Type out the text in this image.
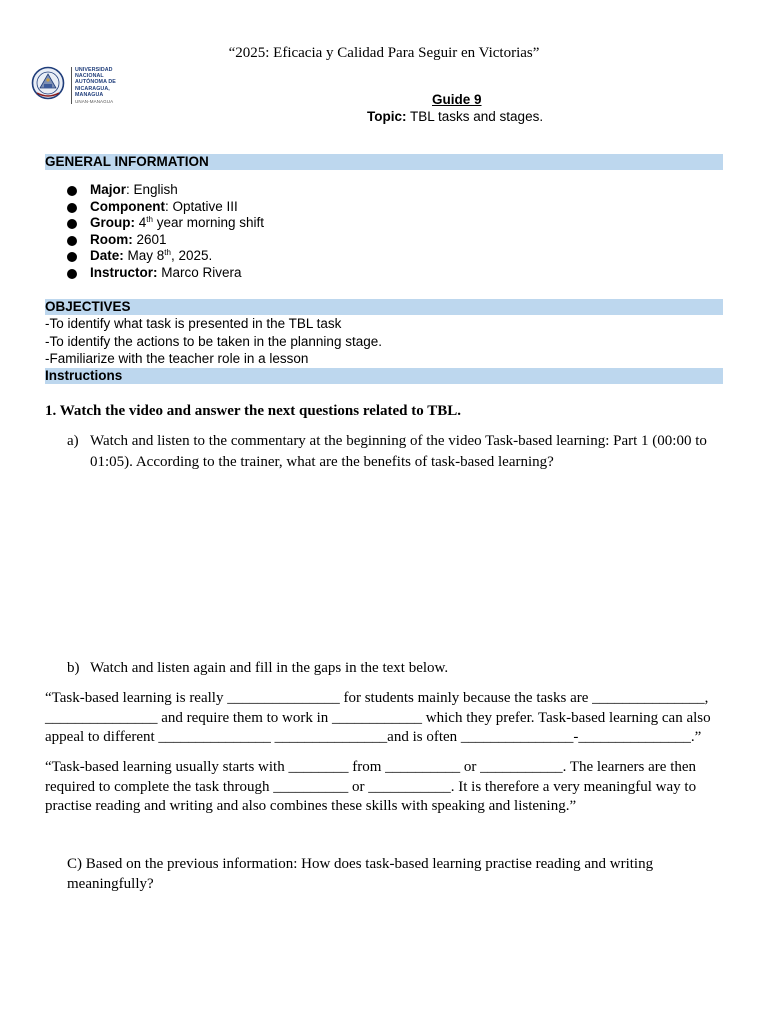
“2025: Eficacia y Calidad Para Seguir en Victorias”
UNIVERSIDAD
NACIONAL
AUTÓNOMA DE
NICARAGUA,
MANAGUA
UNAN-MANAGUA	Guide 9
Topic: TBL tasks and stages.
GENERAL INFORMATION
Major: English
Component: Optative III
Group: 4th year morning shift
Room: 2601
Date: May 8th, 2025.
Instructor: Marco Rivera
OBJECTIVES
-To identify what task is presented in the TBL task
-To identify the actions to be taken in the planning stage.
-Familiarize with the teacher role in a lesson
Instructions
1. Watch the video and answer the next questions related to TBL.
a) Watch and listen to the commentary at the beginning of the video Task-based learning: Part 1 (00:00 to 01:05). According to the trainer, what are the benefits of task-based learning?
b) Watch and listen again and fill in the gaps in the text below.
“Task-based learning is really _______________ for students mainly because the tasks are _______________, _______________ and require them to work in ____________ which they prefer. Task-based learning can also appeal to different _______________ _______________and is often _______________-_______________.”
“Task-based learning usually starts with ________ from __________ or ___________. The learners are then required to complete the task through __________ or ___________. It is therefore a very meaningful way to practise reading and writing and also combines these skills with speaking and listening.”
C) Based on the previous information: How does task-based learning practise reading and writing meaningfully?
